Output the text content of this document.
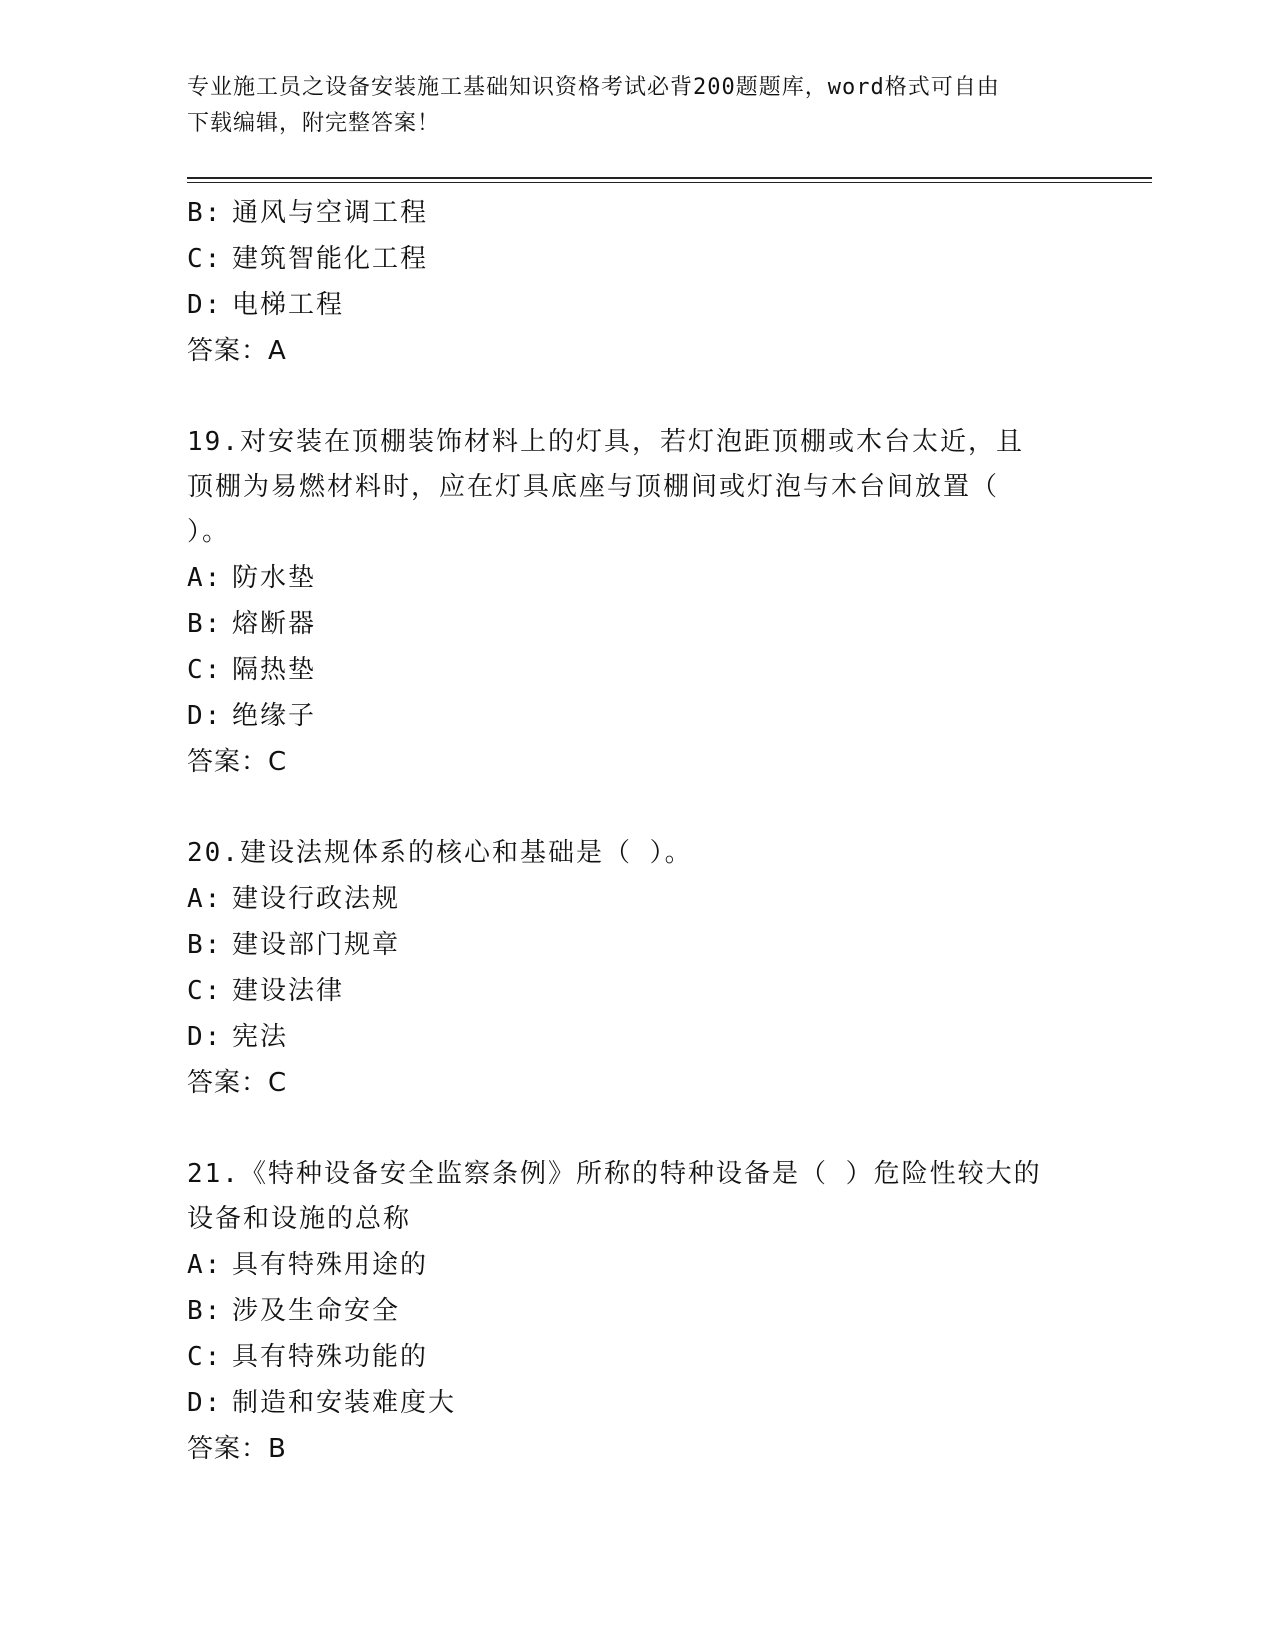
专业施工员之设备安装施工基础知识资格考试必背200题题库，word格式可自由
下载编辑，附完整答案！
B: 通风与空调工程
C: 建筑智能化工程
D: 电梯工程
答案：A
19.对安装在顶棚装饰材料上的灯具，若灯泡距顶棚或木台太近，且顶棚为易燃材料时，应在灯具底座与顶棚间或灯泡与木台间放置（ ）。
A: 防水垫
B: 熔断器
C: 隔热垫
D: 绝缘子
答案：C
20.建设法规体系的核心和基础是（ ）。
A: 建设行政法规
B: 建设部门规章
C: 建设法律
D: 宪法
答案：C
21.《特种设备安全监察条例》所称的特种设备是（ ）危险性较大的设备和设施的总称
A: 具有特殊用途的
B: 涉及生命安全
C: 具有特殊功能的
D: 制造和安装难度大
答案：B
